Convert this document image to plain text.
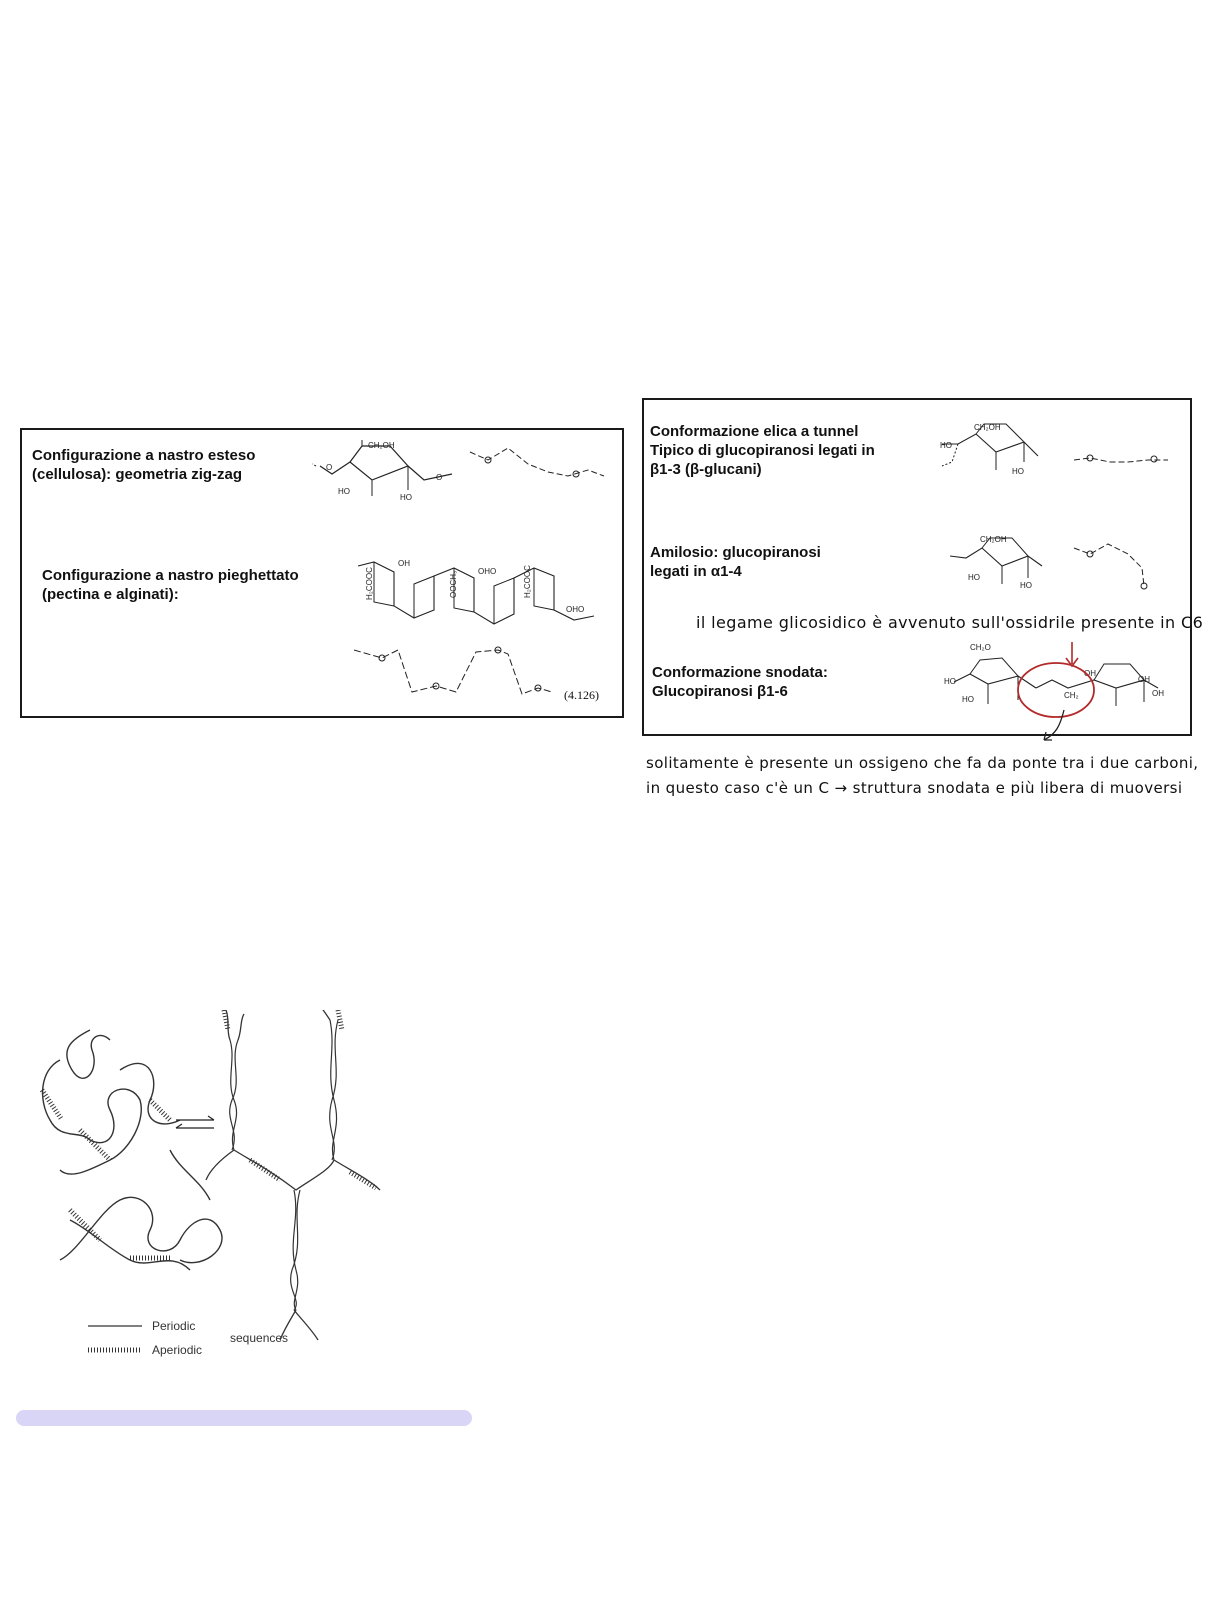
Configurazione a nastro esteso (cellulosa): geometria zig-zag
Configurazione a nastro pieghettato (pectina e alginati):
O
CH₂OH
HO
HO
O
OH
H₂COOC	OOCH₃	OHO	H₂COOC
OHO
(4.126)
Conformazione elica a tunnel Tipico di glucopiranosi legati in β1-3 (β-glucani)
Amilosio: glucopiranosi legati in α1-4
Conformazione snodata: Glucopiranosi β1-6
HO
CH₂OH
HO
CH₂OH
HO
HO
CH₂O
HO
HO	CH₂
OH
OH
OH
il legame glicosidico è avvenuto sull'ossidrile presente in C6
solitamente è presente un ossigeno che fa da ponte tra i due carboni,
in questo caso c'è un C → struttura snodata e più libera di muoversi
Periodic
Aperiodic
sequences
